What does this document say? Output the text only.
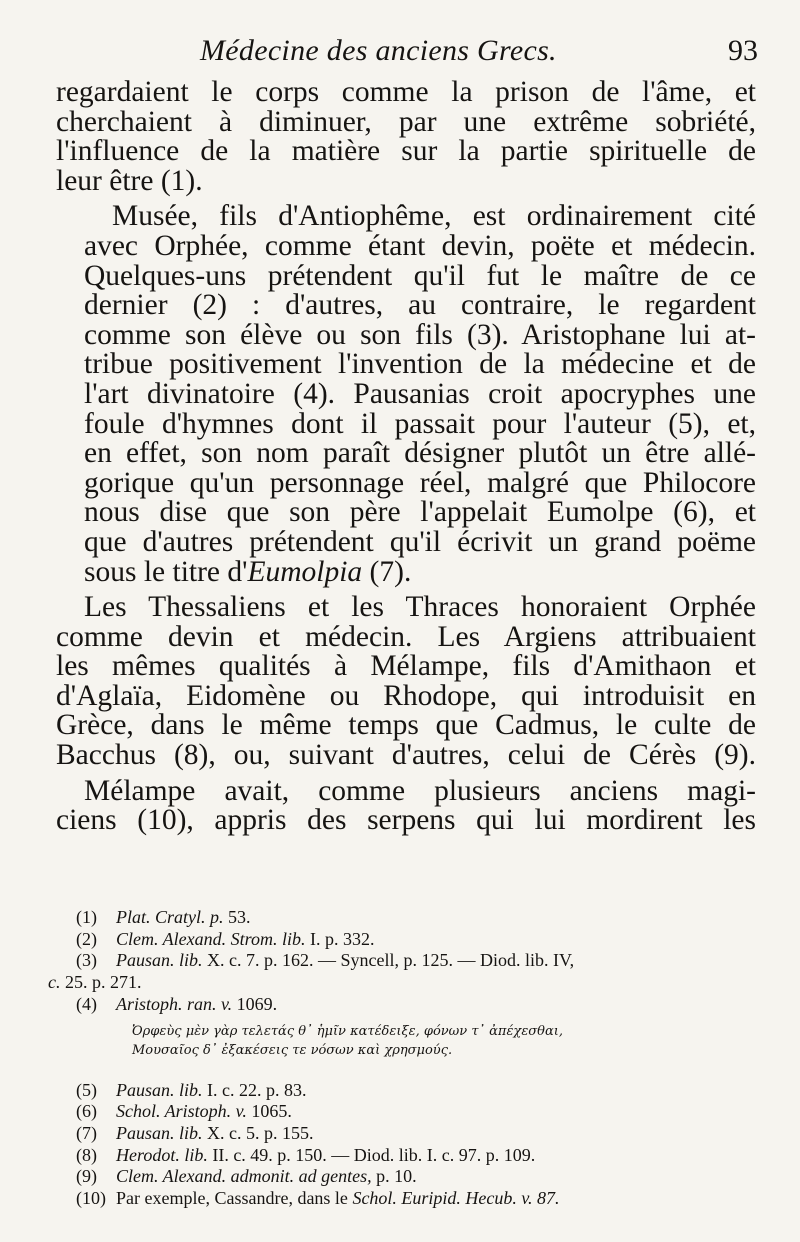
Médecine des anciens Grecs.	93

regardaient le corps comme la prison de l'âme, et
cherchaient à diminuer, par une extrême sobriété,
l'influence de la matière sur la partie spirituelle de
leur être (1).

Musée, fils d'Antiophême, est ordinairement cité
avec Orphée, comme étant devin, poëte et médecin.
Quelques-uns prétendent qu'il fut le maître de ce
dernier (2) : d'autres, au contraire, le regardent
comme son élève ou son fils (3). Aristophane lui at-
tribue positivement l'invention de la médecine et de
l'art divinatoire (4). Pausanias croit apocryphes une
foule d'hymnes dont il passait pour l'auteur (5), et,
en effet, son nom paraît désigner plutôt un être allé-
gorique qu'un personnage réel, malgré que Philocore
nous dise que son père l'appelait Eumolpe (6), et
que d'autres prétendent qu'il écrivit un grand poëme
sous le titre d'Eumolpia (7).

Les Thessaliens et les Thraces honoraient Orphée
comme devin et médecin. Les Argiens attribuaient
les mêmes qualités à Mélampe, fils d'Amithaon et
d'Aglaïa, Eidomène ou Rhodope, qui introduisit en
Grèce, dans le même temps que Cadmus, le culte de
Bacchus (8), ou, suivant d'autres, celui de Cérès (9).

Mélampe avait, comme plusieurs anciens magi-
ciens (10), appris des serpens qui lui mordirent les

(1) Plat. Cratyl. p. 53.
(2) Clem. Alexand. Strom. lib. I. p. 332.
(3) Pausan. lib. X. c. 7. p. 162. — Syncell, p. 125. — Diod. lib. IV,
c. 25. p. 271.
(4) Aristoph. ran. v. 1069.
Ὀρφεὺς μὲν γὰρ τελετάς θ᾽ ἡμῖν κατέδειξε, φόνων τ᾽ ἀπέχεσθαι,
Μουσαῖος δ᾽ ἐξακέσεις τε νόσων καὶ χρησμούς.
(5) Pausan. lib. I. c. 22. p. 83.
(6) Schol. Aristoph. v. 1065.
(7) Pausan. lib. X. c. 5. p. 155.
(8) Herodot. lib. II. c. 49. p. 150. — Diod. lib. I. c. 97. p. 109.
(9) Clem. Alexand. admonit. ad gentes, p. 10.
(10) Par exemple, Cassandre, dans le Schol. Euripid. Hecub. v. 87.
